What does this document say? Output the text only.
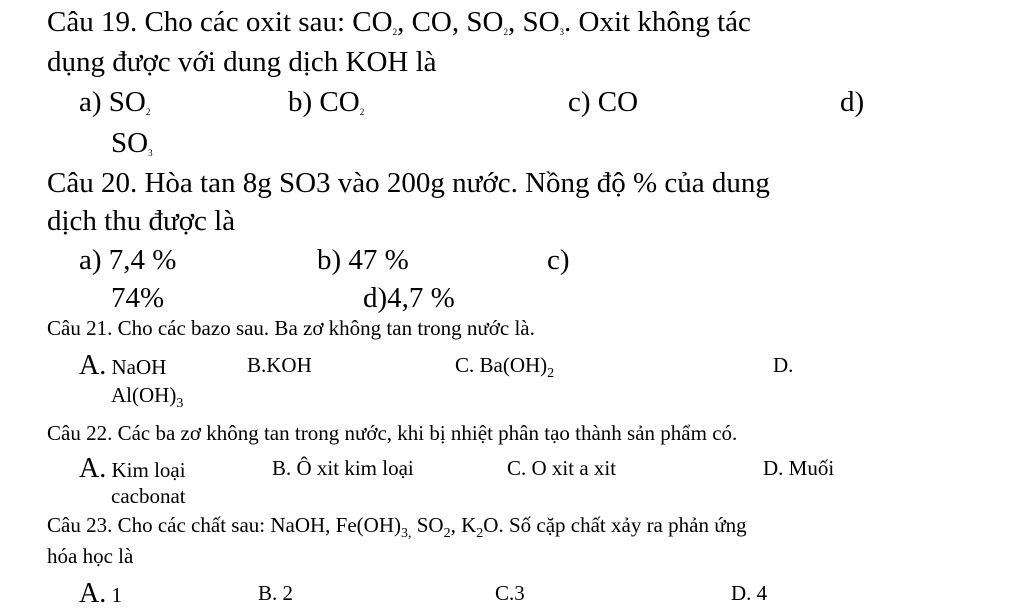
Câu 19. Cho các oxit sau: $CO_2$, CO, $SO_2$, $SO_3$. Oxit không tác
dụng được với dung dịch KOH là
a) $SO_2$	b) $CO_2$	c) CO	d)
$SO_3$
Câu 20. Hòa tan 8g SO3 vào 200g nước. Nồng độ % của dung
dịch thu được là
a) 7,4 %	b) 47 %	c)
74%	d)4,7 %
Câu 21. Cho các bazo sau. Ba zơ không tan trong nước là.
A. NaOH	B.KOH	C. $Ba(OH)_2$	D.
$Al(OH)_3$
Câu 22. Các ba zơ không tan trong nước, khi bị nhiệt phân tạo thành sản phẩm có.
A. Kim loại	B. Ô xit kim loại	C. O xit a xit	D. Muối
cacbonat
Câu 23. Cho các chất sau: NaOH, $Fe(OH)_{3,}$ $SO_2$, $K_2O$. Số cặp chất xảy ra phản ứng
hóa học là
A. 1	B. 2	C.3	D. 4
